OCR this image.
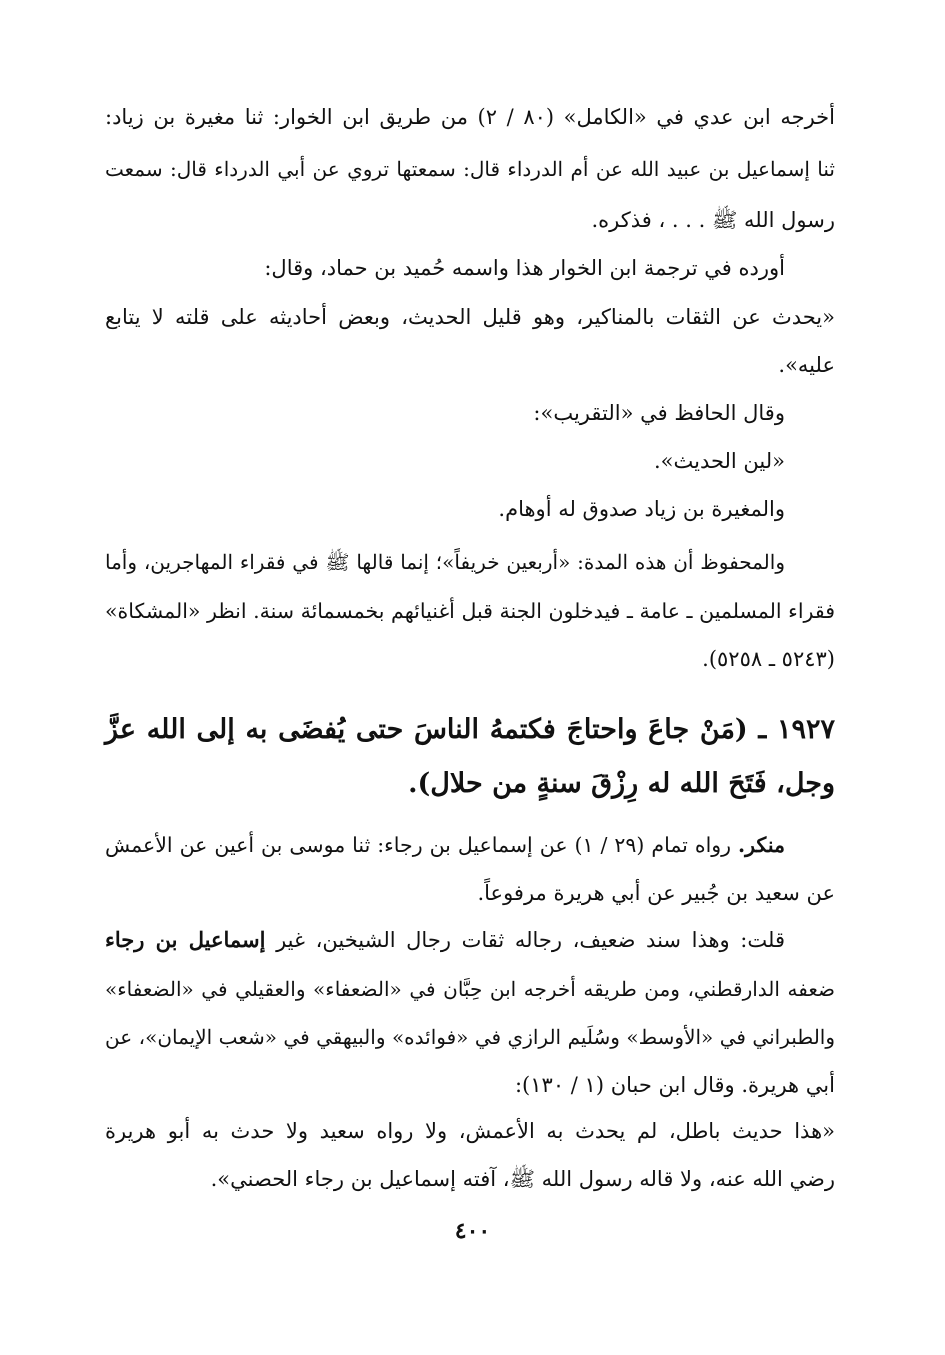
أخرجه ابن عدي في «الكامل» (٨٠ / ٢) من طريق ابن الخوار: ثنا مغيرة بن زياد:
ثنا إسماعيل بن عبيد الله عن أم الدرداء قال: سمعتها تروي عن أبي الدرداء قال: سمعت
رسول الله ﷺ . . . ، فذكره.
أورده في ترجمة ابن الخوار هذا واسمه حُميد بن حماد، وقال:
«يحدث عن الثقات بالمناكير، وهو قليل الحديث، وبعض أحاديثه على قلته لا يتابع
عليه».
وقال الحافظ في «التقريب»:
«لين الحديث».
والمغيرة بن زياد صدوق له أوهام.
والمحفوظ أن هذه المدة: «أربعين خريفاً»؛ إنما قالها ﷺ في فقراء المهاجرين، وأما
فقراء المسلمين ـ عامة ـ فيدخلون الجنة قبل أغنيائهم بخمسمائة سنة. انظر «المشكاة»
(٥٢٤٣ ـ ٥٢٥٨).
١٩٢٧ ـ (مَنْ جاعَ واحتاجَ فكتمهُ الناسَ حتى يُفضَى به إلى الله عزَّ
وجل، فَتَحَ الله له رِزْقَ سنةٍ من حلال).
منكر. رواه تمام (٢٩ / ١) عن إسماعيل بن رجاء: ثنا موسى بن أعين عن الأعمش
عن سعيد بن جُبير عن أبي هريرة مرفوعاً.
قلت: وهذا سند ضعيف، رجاله ثقات رجال الشيخين، غير إسماعيل بن رجاء
ضعفه الدارقطني، ومن طريقه أخرجه ابن حِبَّان في «الضعفاء» والعقيلي في «الضعفاء»
والطبراني في «الأوسط» وسُلَيم الرازي في «فوائده» والبيهقي في «شعب الإيمان»، عن
أبي هريرة. وقال ابن حبان (١ / ١٣٠):
«هذا حديث باطل، لم يحدث به الأعمش، ولا رواه سعيد ولا حدث به أبو هريرة
رضي الله عنه، ولا قاله رسول الله ﷺ، آفته إسماعيل بن رجاء الحصني».
٤٠٠
